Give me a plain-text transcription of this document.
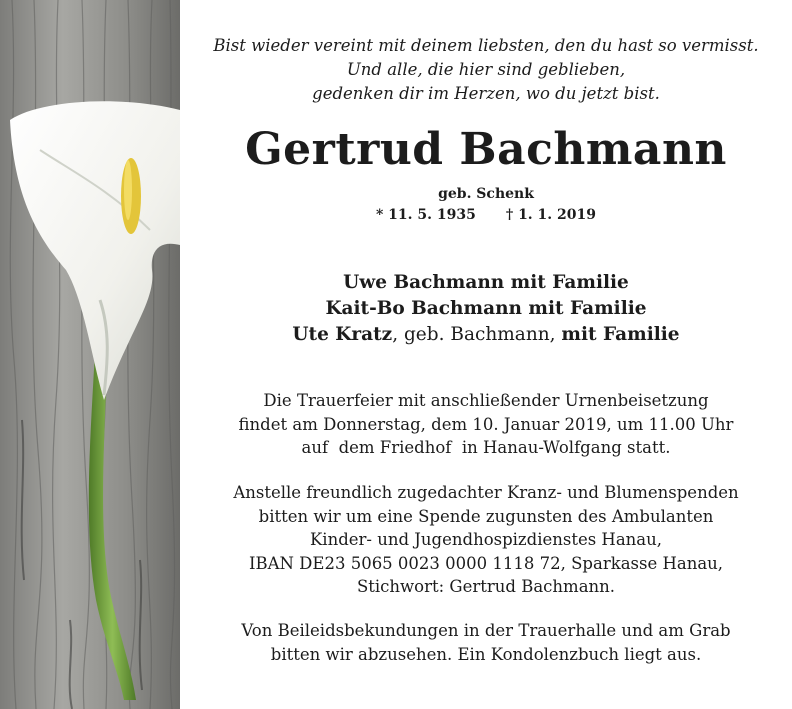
Bist wieder vereint mit deinem liebsten, den du hast so vermisst.
Und alle, die hier sind geblieben,
gedenken dir im Herzen, wo du jetzt bist.
Gertrud Bachmann
geb. Schenk
* 11. 5. 1935 † 1. 1. 2019
Uwe Bachmann mit Familie
Kait-Bo Bachmann mit Familie
Ute Kratz, geb. Bachmann, mit Familie
Die Trauerfeier mit anschließender Urnenbeisetzung
findet am Donnerstag, dem 10. Januar 2019, um 11.00 Uhr
auf  dem Friedhof  in Hanau-Wolfgang statt.
Anstelle freundlich zugedachter Kranz- und Blumenspenden
bitten wir um eine Spende zugunsten des Ambulanten
Kinder- und Jugendhospizdienstes Hanau,
IBAN DE23 5065 0023 0000 1118 72, Sparkasse Hanau,
Stichwort: Gertrud Bachmann.
Von Beileidsbekundungen in der Trauerhalle und am Grab
bitten wir abzusehen. Ein Kondolenzbuch liegt aus.
